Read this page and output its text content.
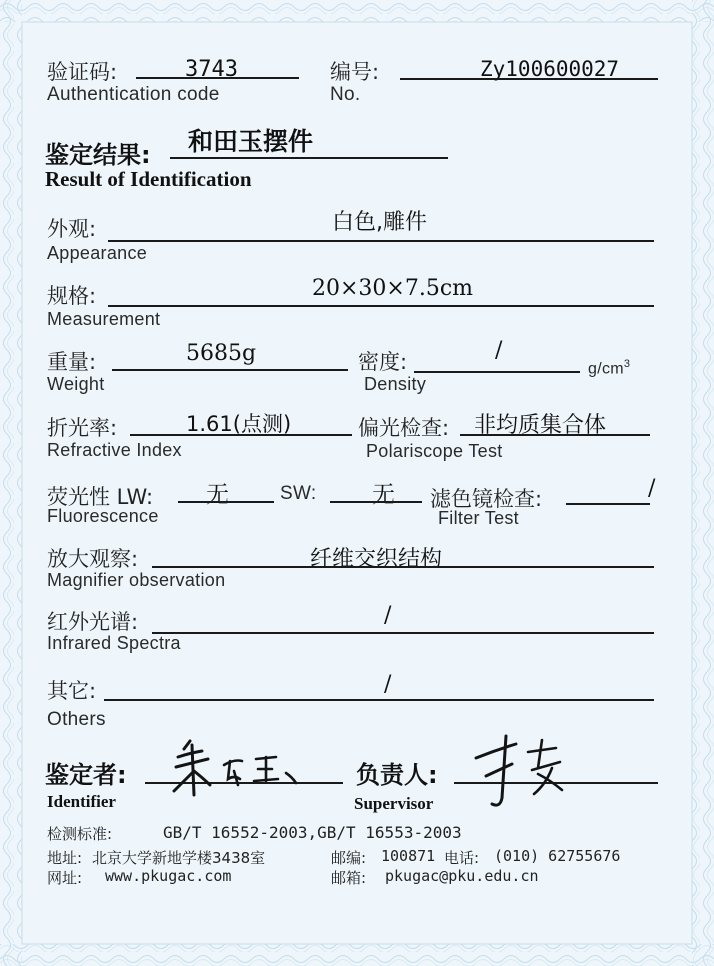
验证码:	3743
Authentication code
编号:	Zy100600027
No.
鉴定结果: 和田玉摆件
Result of Identification
外观:	白色,雕件
Appearance
规格:	20×30×7.5cm
Measurement
重量:	5685g
Weight
密度:	/
$g/cm^3$
Density
折光率:	1.61(点测)
Refractive Index
偏光检查: 非均质集合体
Polariscope Test
荧光性 LW: 无	SW: 无
Fluorescence
滤色镜检查:	/
Filter Test
放大观察:	纤维交织结构
Magnifier observation
红外光谱:	/
Infrared Spectra
其它:	/
Others
鉴定者:
Identifier
负责人:
Supervisor
检测标准:	GB/T 16552-2003,GB/T 16553-2003
地址: 北京大学新地学楼3438室	邮编: 100871 电话: (010) 62755676
网址: www.pkugac.com	邮箱: pkugac@pku.edu.cn
